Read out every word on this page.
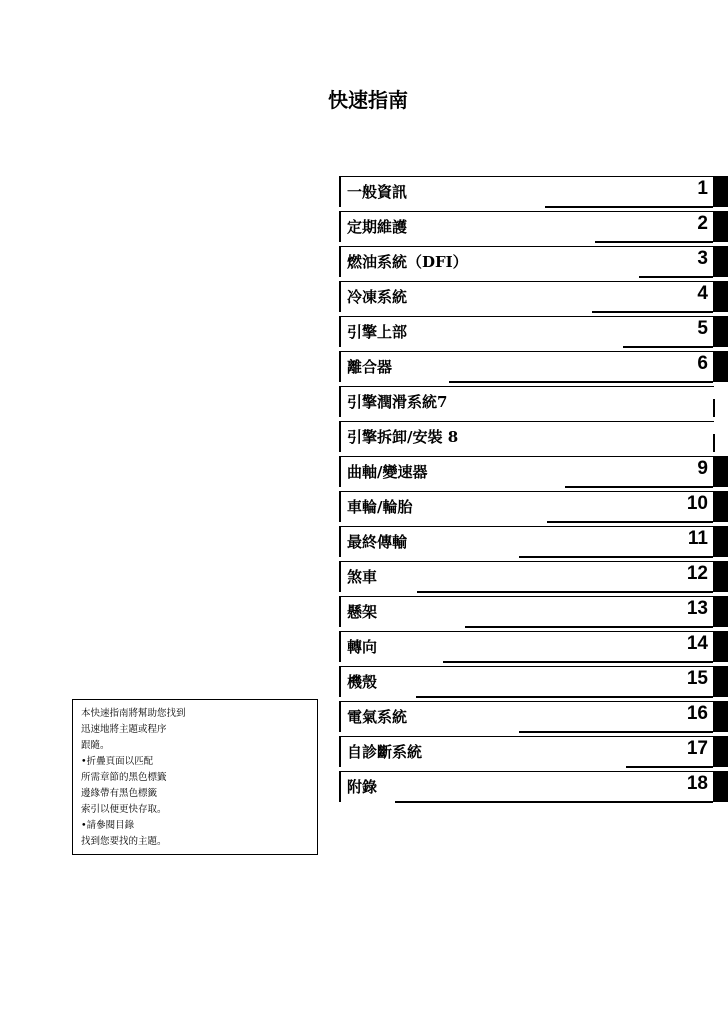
快速指南
一般資訊	1
定期維護	2
燃油系統（DFI）	3
冷凍系統	4
引擎上部	5
離合器	6
引擎潤滑系統7
引擎拆卸/安裝 8
曲軸/變速器	9
車輪/輪胎	10
最終傳輸	11
煞車	12
懸架	13
轉向	14
機殼	15
電氣系統	16
自診斷系統	17
附錄	18
本快速指南將幫助您找到
迅速地將主題或程序
跟隨。
•折疊頁面以匹配
所需章節的黑色標籤
邊緣帶有黑色標籤
索引以便更快存取。
•請參閱目錄
找到您要找的主題。
